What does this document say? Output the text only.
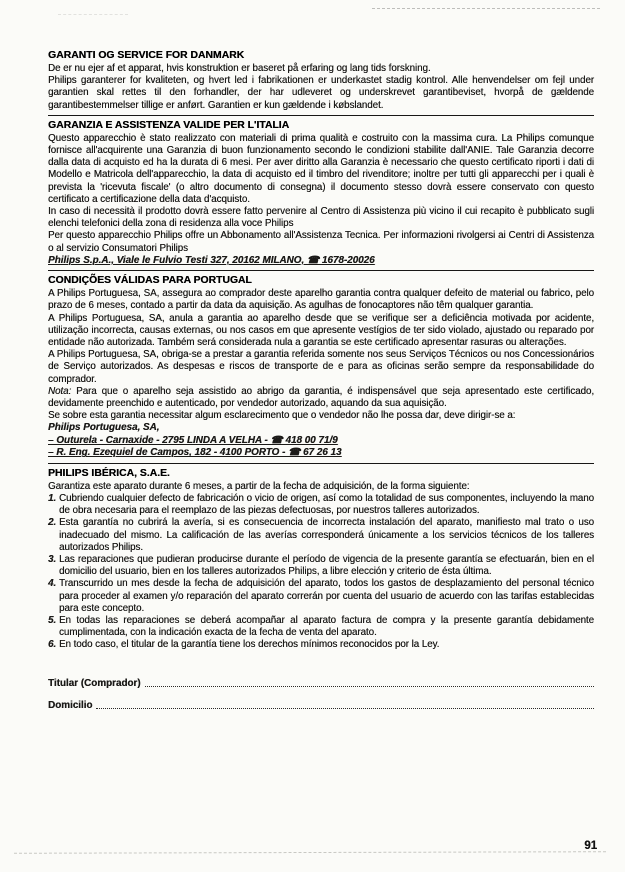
GARANTI OG SERVICE FOR DANMARK

De er nu ejer af et apparat, hvis konstruktion er baseret på erfaring og lang tids forskning.

Philips garanterer for kvaliteten, og hvert led i fabrikationen er underkastet stadig kontrol. Alle henvendelser om fejl under garantien skal rettes til den forhandler, der har udleveret og underskrevet garantibeviset, hvorpå de gældende garantibestemmelser tillige er anført. Garantien er kun gældende i købslandet.

GARANZIA E ASSISTENZA VALIDE PER L'ITALIA

Questo apparecchio è stato realizzato con materiali di prima qualità e costruito con la massima cura. La Philips comunque fornisce all'acquirente una Garanzia di buon funzionamento secondo le condizioni stabilite dall'ANIE. Tale Garanzia decorre dalla data di acquisto ed ha la durata di 6 mesi. Per aver diritto alla Garanzia è necessario che questo certificato riporti i dati di Modello e Matricola dell'apparecchio, la data di acquisto ed il timbro del rivenditore; inoltre per tutti gli apparecchi per i quali è prevista la 'ricevuta fiscale' (o altro documento di consegna) il documento stesso dovrà essere conservato con questo certificato a certificazione della data d'acquisto.

In caso di necessità il prodotto dovrà essere fatto pervenire al Centro di Assistenza più vicino il cui recapito è pubblicato sugli elenchi telefonici della zona di residenza alla voce Philips

Per questo apparecchio Philips offre un Abbonamento all'Assistenza Tecnica. Per informazioni rivolgersi ai Centri di Assistenza o al servizio Consumatori Philips

Philips S.p.A., Viale le Fulvio Testi 327, 20162 MILANO, ☎ 1678-20026
CONDIÇÕES VÁLIDAS PARA PORTUGAL

A Philips Portuguesa, SA, assegura ao comprador deste aparelho garantia contra qualquer defeito de material ou fabrico, pelo prazo de 6 meses, contado a partir da data da aquisição. As agulhas de fonocaptores não têm qualquer garantia.

A Philips Portuguesa, SA, anula a garantia ao aparelho desde que se verifique ser a deficiência motivada por acidente, utilização incorrecta, causas externas, ou nos casos em que apresente vestígios de ter sido violado, ajustado ou reparado por entidade não autorizada. Também será considerada nula a garantia se este certificado apresentar rasuras ou alterações.

A Philips Portuguesa, SA, obriga-se a prestar a garantia referida somente nos seus Serviços Técnicos ou nos Concessionários de Serviço autorizados. As despesas e riscos de transporte de e para as oficinas serão sempre da responsabilidade do comprador.

Nota: Para que o aparelho seja assistido ao abrigo da garantia, é indispensável que seja apresentado este certificado, devidamente preenchido e autenticado, por vendedor autorizado, aquando da sua aquisição.

Se sobre esta garantia necessitar algum esclarecimento que o vendedor não lhe possa dar, deve dirigir-se a:

Philips Portuguesa, SA,
– Outurela - Carnaxide - 2795 LINDA A VELHA - ☎ 418 00 71/9
– R. Eng. Ezequiel de Campos, 182 - 4100 PORTO - ☎ 67 26 13
PHILIPS IBÉRICA, S.A.E.

Garantiza este aparato durante 6 meses, a partir de la fecha de adquisición, de la forma siguiente:

1. Cubriendo cualquier defecto de fabricación o vicio de origen, así como la totalidad de sus componentes, incluyendo la mano de obra necesaria para el reemplazo de las piezas defectuosas, por nuestros talleres autorizados.
2. Esta garantía no cubrirá la avería, si es consecuencia de incorrecta instalación del aparato, manifiesto mal trato o uso inadecuado del mismo. La calificación de las averías corresponderá únicamente a los servicios técnicos de los talleres autorizados Philips.
3. Las reparaciones que pudieran producirse durante el período de vigencia de la presente garantía se efectuarán, bien en el domicilio del usuario, bien en los talleres autorizados Philips, a libre elección y criterio de ésta última.
4. Transcurrido un mes desde la fecha de adquisición del aparato, todos los gastos de desplazamiento del personal técnico para proceder al examen y/o reparación del aparato correrán por cuenta del usuario de acuerdo con las tarifas establecidas para este concepto.
5. En todas las reparaciones se deberá acompañar al aparato factura de compra y la presente garantía debidamente cumplimentada, con la indicación exacta de la fecha de venta del aparato.
6. En todo caso, el titular de la garantía tiene los derechos mínimos reconocidos por la Ley.
Titular (Comprador)
Domicilio
91
